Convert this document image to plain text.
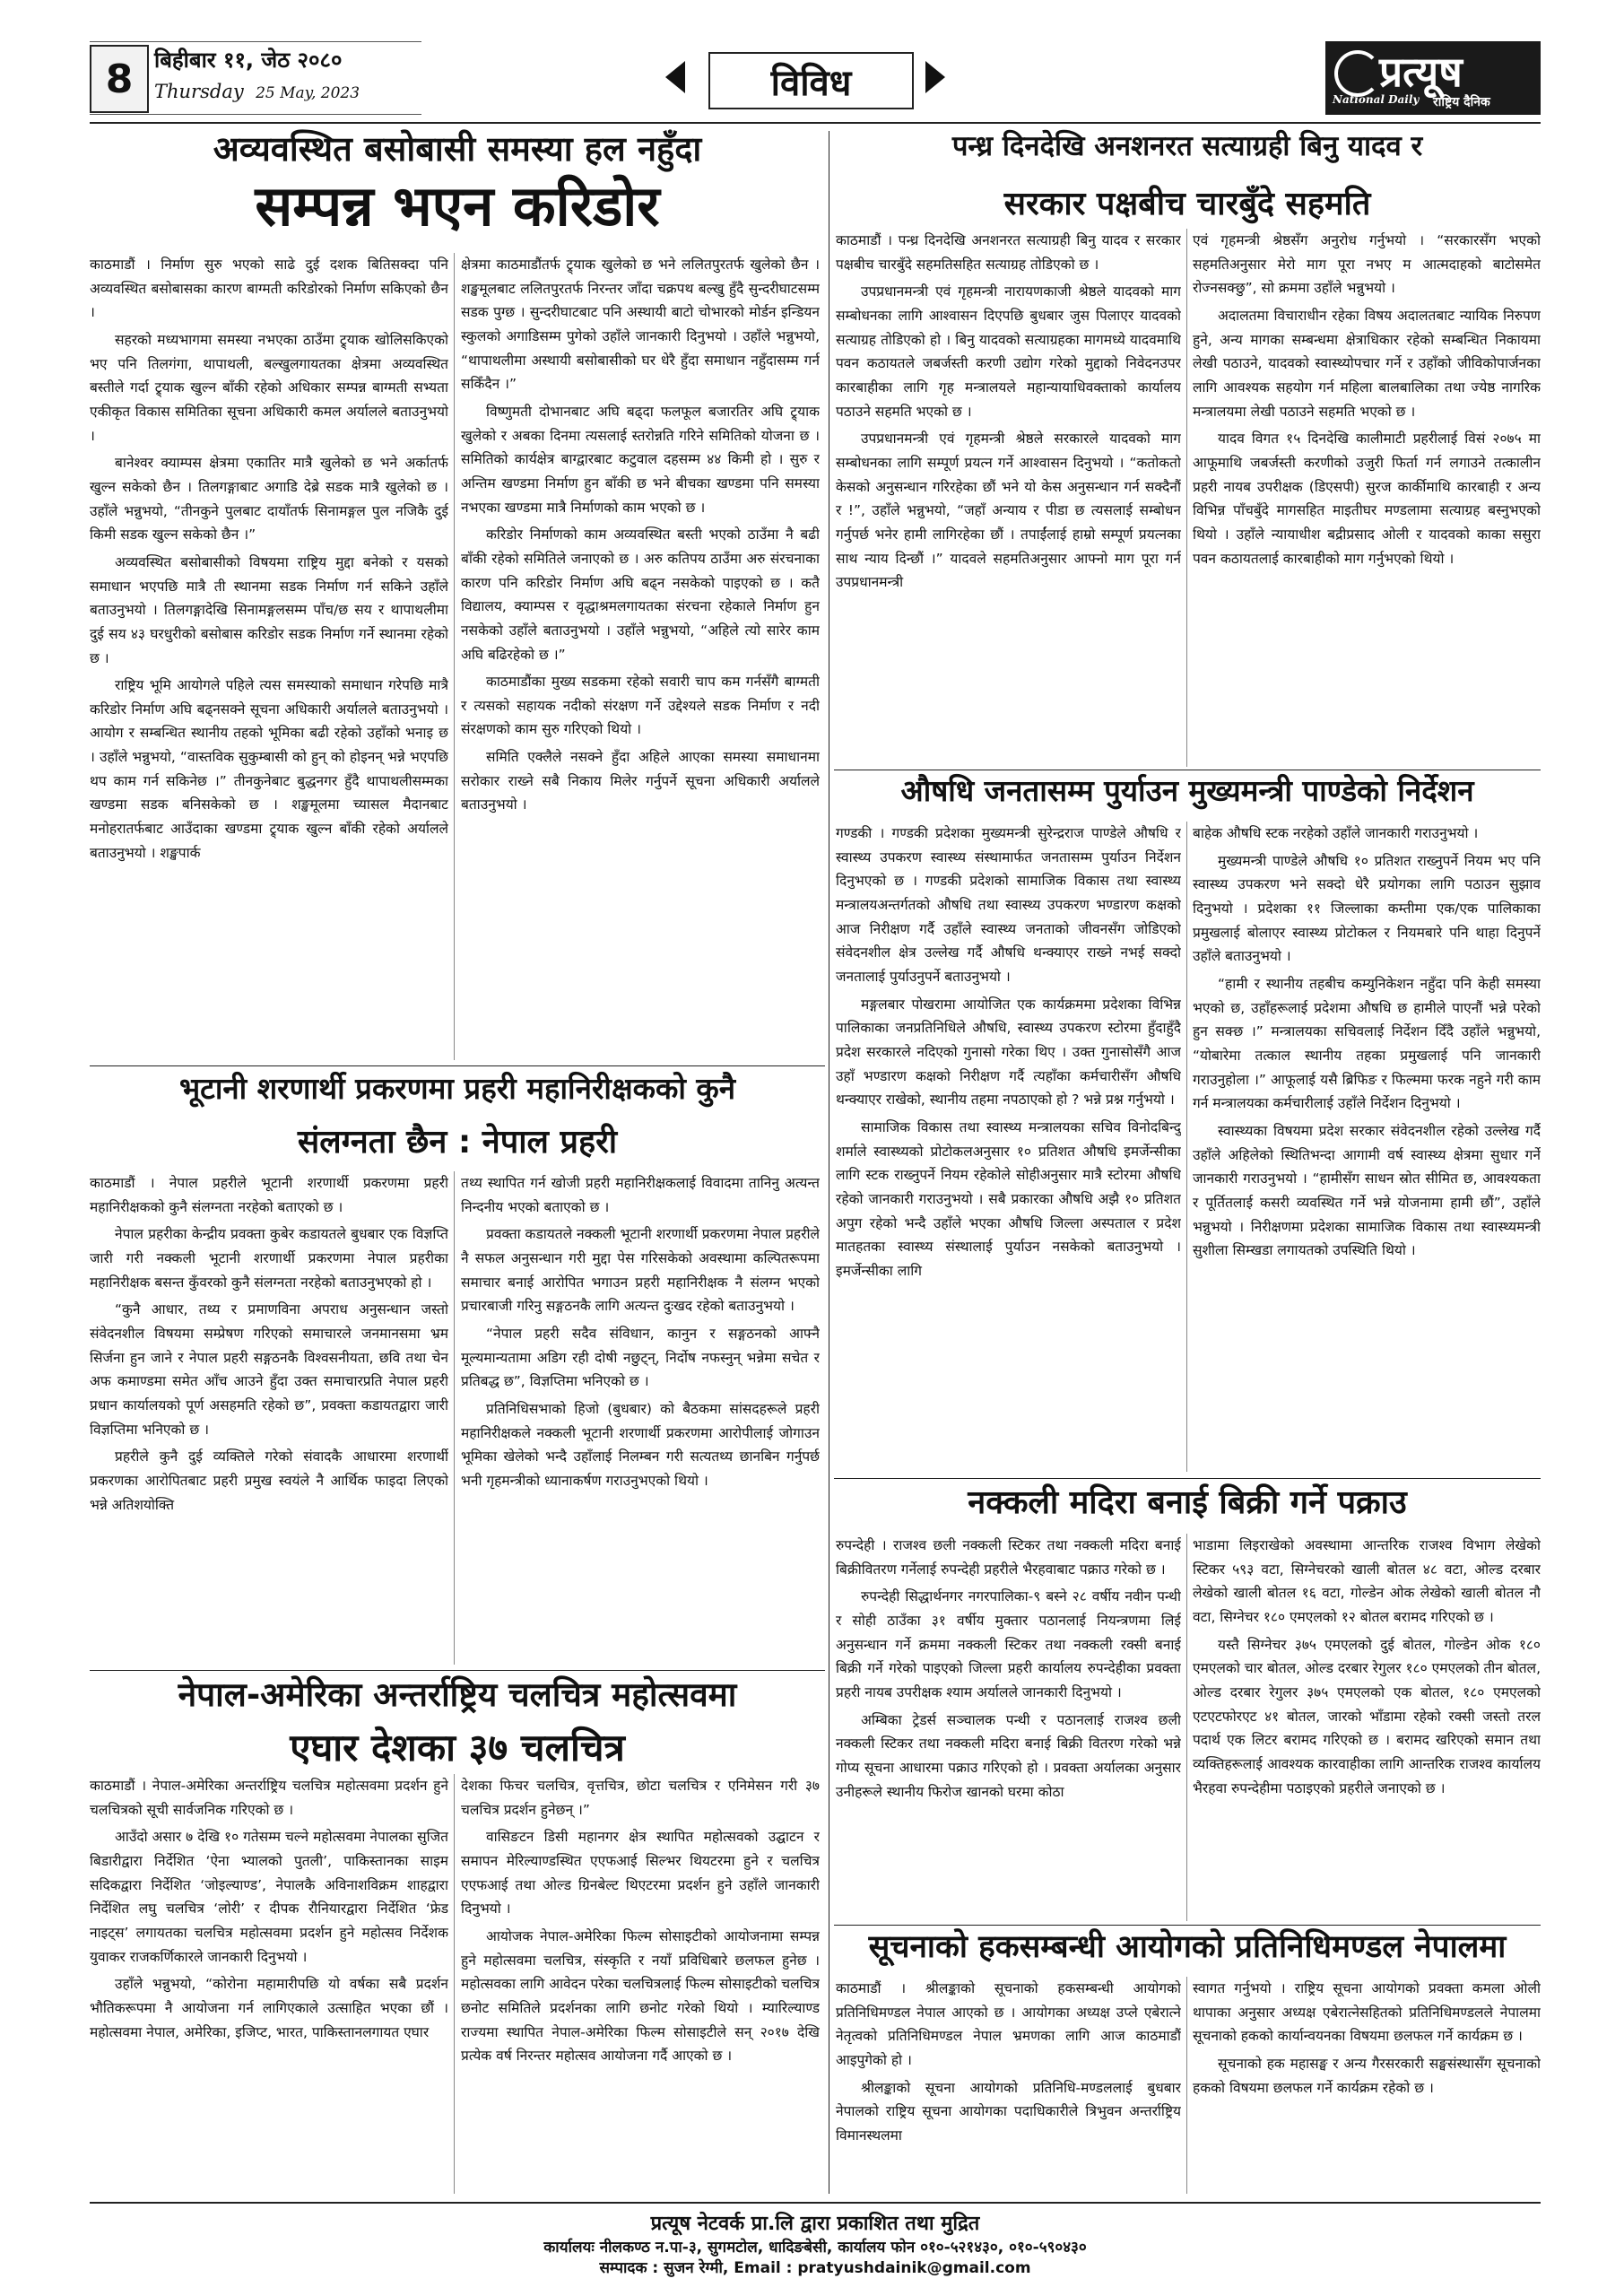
8 बिहीबार ११, जेठ २०८०
Thursday 25 May, 2023	विविध	प्रत्यूष
National Daily राष्ट्रिय दैनिक
अव्यवस्थित बसोबासी समस्या हल नहुँदा
सम्पन्न भएन करिडोर

काठमाडौं । निर्माण सुरु भएको साढे दुई दशक बितिसक्दा पनि अव्यवस्थित बसोबासका कारण बाग्मती करिडोरको निर्माण सकिएको छैन ।

सहरको मध्यभागमा समस्या नभएका ठाउँमा ट्र्याक खोलिसकिएको भए पनि तिलगंगा, थापाथली, बल्खुलगायतका क्षेत्रमा अव्यवस्थित बस्तीले गर्दा ट्र्याक खुल्न बाँकी रहेको अधिकार सम्पन्न बाग्मती सभ्यता एकीकृत विकास समितिका सूचना अधिकारी कमल अर्यालले बताउनुभयो ।

बानेश्वर क्याम्पस क्षेत्रमा एकातिर मात्रै खुलेको छ भने अर्कातर्फ खुल्न सकेको छैन । तिलगङ्गाबाट अगाडि देब्रे सडक मात्रै खुलेको छ । उहाँले भन्नुभयो, “तीनकुने पुलबाट दायाँतर्फ सिनामङ्गल पुल नजिकै दुई किमी सडक खुल्न सकेको छैन ।”

अव्यवस्थित बसोबासीको विषयमा राष्ट्रिय मुद्दा बनेको र यसको समाधान भएपछि मात्रै ती स्थानमा सडक निर्माण गर्न सकिने उहाँले बताउनुभयो । तिलगङ्गादेखि सिनामङ्गलसम्म पाँच/छ सय र थापाथलीमा दुई सय ४३ घरधुरीको बसोबास करिडोर सडक निर्माण गर्ने स्थानमा रहेको छ ।

राष्ट्रिय भूमि आयोगले पहिले त्यस समस्याको समाधान गरेपछि मात्रै करिडोर निर्माण अघि बढ्नसक्ने सूचना अधिकारी अर्यालले बताउनुभयो । आयोग र सम्बन्धित स्थानीय तहको भूमिका बढी रहेको उहाँको भनाइ छ । उहाँले भन्नुभयो, “वास्तविक सुकुम्बासी को हुन् को होइनन् भन्ने भएपछि थप काम गर्न सकिनेछ ।” तीनकुनेबाट बुद्धनगर हुँदै थापाथलीसम्मका खण्डमा सडक बनिसकेको छ । शङ्खमूलमा च्यासल मैदानबाट मनोहरातर्फबाट आउँदाका खण्डमा ट्र्याक खुल्न बाँकी रहेको अर्यालले बताउनुभयो । शङ्खपार्क

क्षेत्रमा काठमाडौंतर्फ ट्र्याक खुलेको छ भने ललितपुरतर्फ खुलेको छैन । शङ्खमूलबाट ललितपुरतर्फ निरन्तर जाँदा चक्रपथ बल्खु हुँदै सुन्दरीघाटसम्म सडक पुग्छ । सुन्दरीघाटबाट पनि अस्थायी बाटो चोभारको मोर्डन इन्डियन स्कुलको अगाडिसम्म पुगेको उहाँले जानकारी दिनुभयो । उहाँले भन्नुभयो, “थापाथलीमा अस्थायी बसोबासीको घर धेरै हुँदा समाधान नहुँदासम्म गर्न सकिँदैन ।”

विष्णुमती दोभानबाट अघि बढ्दा फलफूल बजारतिर अघि ट्र्याक खुलेको र अबका दिनमा त्यसलाई स्तरोन्नति गरिने समितिको योजना छ । समितिको कार्यक्षेत्र बाग्द्वारबाट कटुवाल दहसम्म ४४ किमी हो । सुरु र अन्तिम खण्डमा निर्माण हुन बाँकी छ भने बीचका खण्डमा पनि समस्या नभएका खण्डमा मात्रै निर्माणको काम भएको छ ।

करिडोर निर्माणको काम अव्यवस्थित बस्ती भएको ठाउँमा नै बढी बाँकी रहेको समितिले जनाएको छ । अरु कतिपय ठाउँमा अरु संरचनाका कारण पनि करिडोर निर्माण अघि बढ्न नसकेको पाइएको छ । कतै विद्यालय, क्याम्पस र वृद्धाश्रमलगायतका संरचना रहेकाले निर्माण हुन नसकेको उहाँले बताउनुभयो । उहाँले भन्नुभयो, “अहिले त्यो सारेर काम अघि बढिरहेको छ ।”

काठमाडौंका मुख्य सडकमा रहेको सवारी चाप कम गर्नसँगै बाग्मती र त्यसको सहायक नदीको संरक्षण गर्ने उद्देश्यले सडक निर्माण र नदी संरक्षणको काम सुरु गरिएको थियो ।

समिति एक्लैले नसक्ने हुँदा अहिले आएका समस्या समाधानमा सरोकार राख्ने सबै निकाय मिलेर गर्नुपर्ने सूचना अधिकारी अर्यालले बताउनुभयो ।

पन्ध्र दिनदेखि अनशनरत सत्याग्रही बिनु यादव र
सरकार पक्षबीच चारबुँदे सहमति

काठमाडौं । पन्ध्र दिनदेखि अनशनरत सत्याग्रही बिनु यादव र सरकार पक्षबीच चारबुँदे सहमतिसहित सत्याग्रह तोडिएको छ ।

उपप्रधानमन्त्री एवं गृहमन्त्री नारायणकाजी श्रेष्ठले यादवको माग सम्बोधनका लागि आश्वासन दिएपछि बुधबार जुस पिलाएर यादवको सत्याग्रह तोडिएको हो । बिनु यादवको सत्याग्रहका मागमध्ये यादवमाथि पवन कठायतले जबर्जस्ती करणी उद्योग गरेको मुद्दाको निवेदनउपर कारबाहीका लागि गृह मन्त्रालयले महान्यायाधिवक्ताको कार्यालय पठाउने सहमति भएको छ ।

उपप्रधानमन्त्री एवं गृहमन्त्री श्रेष्ठले सरकारले यादवको माग सम्बोधनका लागि सम्पूर्ण प्रयत्न गर्ने आश्वासन दिनुभयो । “कतोकतो केसको अनुसन्धान गरिरहेका छौं भने यो केस अनुसन्धान गर्न सक्दैनौं र !”, उहाँले भन्नुभयो, “जहाँ अन्याय र पीडा छ त्यसलाई सम्बोधन गर्नुपर्छ भनेर हामी लागिरहेका छौं । तपाईंलाई हाम्रो सम्पूर्ण प्रयत्नका साथ न्याय दिन्छौं ।” यादवले सहमतिअनुसार आफ्नो माग पूरा गर्न उपप्रधानमन्त्री

एवं गृहमन्त्री श्रेष्ठसँग अनुरोध गर्नुभयो । “सरकारसँग भएको सहमतिअनुसार मेरो माग पूरा नभए म आत्मदाहको बाटोसमेत रोज्नसक्छु”, सो क्रममा उहाँले भन्नुभयो ।

अदालतमा विचाराधीन रहेका विषय अदालतबाट न्यायिक निरुपण हुने, अन्य मागका सम्बन्धमा क्षेत्राधिकार रहेको सम्बन्धित निकायमा लेखी पठाउने, यादवको स्वास्थ्योपचार गर्ने र उहाँको जीविकोपार्जनका लागि आवश्यक सहयोग गर्न महिला बालबालिका तथा ज्येष्ठ नागरिक मन्त्रालयमा लेखी पठाउने सहमति भएको छ ।

यादव विगत १५ दिनदेखि कालीमाटी प्रहरीलाई विसं २०७५ मा आफूमाथि जबर्जस्ती करणीको उजुरी फिर्ता गर्न लगाउने तत्कालीन प्रहरी नायब उपरीक्षक (डिएसपी) सुरज कार्कीमाथि कारबाही र अन्य विभिन्न पाँचबुँदे मागसहित माइतीघर मण्डलामा सत्याग्रह बस्नुभएको थियो । उहाँले न्यायाधीश बद्रीप्रसाद ओली र यादवको काका ससुरा पवन कठायतलाई कारबाहीको माग गर्नुभएको थियो ।

औषधि जनतासम्म पुर्याउन मुख्यमन्त्री पाण्डेको निर्देशन

गण्डकी । गण्डकी प्रदेशका मुख्यमन्त्री सुरेन्द्रराज पाण्डेले औषधि र स्वास्थ्य उपकरण स्वास्थ्य संस्थामार्फत जनतासम्म पुर्याउन निर्देशन दिनुभएको छ । गण्डकी प्रदेशको सामाजिक विकास तथा स्वास्थ्य मन्त्रालयअन्तर्गतको औषधि तथा स्वास्थ्य उपकरण भण्डारण कक्षको आज निरीक्षण गर्दै उहाँले स्वास्थ्य जनताको जीवनसँग जोडिएको संवेदनशील क्षेत्र उल्लेख गर्दै औषधि थन्क्याएर राख्ने नभई सक्दो जनतालाई पुर्याउनुपर्ने बताउनुभयो ।

मङ्गलबार पोखरामा आयोजित एक कार्यक्रममा प्रदेशका विभिन्न पालिकाका जनप्रतिनिधिले औषधि, स्वास्थ्य उपकरण स्टोरमा हुँदाहुँदै प्रदेश सरकारले नदिएको गुनासो गरेका थिए । उक्त गुनासोसँगै आज उहाँ भण्डारण कक्षको निरीक्षण गर्दै त्यहाँका कर्मचारीसँग औषधि थन्क्याएर राखेको, स्थानीय तहमा नपठाएको हो ? भन्ने प्रश्न गर्नुभयो ।

सामाजिक विकास तथा स्वास्थ्य मन्त्रालयका सचिव विनोदबिन्दु शर्माले स्वास्थ्यको प्रोटोकलअनुसार १० प्रतिशत औषधि इमर्जेन्सीका लागि स्टक राख्नुपर्ने नियम रहेकोले सोहीअनुसार मात्रै स्टोरमा औषधि रहेको जानकारी गराउनुभयो । सबै प्रकारका औषधि अझै १० प्रतिशत अपुग रहेको भन्दै उहाँले भएका औषधि जिल्ला अस्पताल र प्रदेश मातहतका स्वास्थ्य संस्थालाई पुर्याउन नसकेको बताउनुभयो । इमर्जेन्सीका लागि

बाहेक औषधि स्टक नरहेको उहाँले जानकारी गराउनुभयो ।

मुख्यमन्त्री पाण्डेले औषधि १० प्रतिशत राख्नुपर्ने नियम भए पनि स्वास्थ्य उपकरण भने सक्दो धेरै प्रयोगका लागि पठाउन सुझाव दिनुभयो । प्रदेशका ११ जिल्लाका कम्तीमा एक/एक पालिकाका प्रमुखलाई बोलाएर स्वास्थ्य प्रोटोकल र नियमबारे पनि थाहा दिनुपर्ने उहाँले बताउनुभयो ।

“हामी र स्थानीय तहबीच कम्युनिकेशन नहुँदा पनि केही समस्या भएको छ, उहाँहरूलाई प्रदेशमा औषधि छ हामीले पाएनौं भन्ने परेको हुन सक्छ ।” मन्त्रालयका सचिवलाई निर्देशन दिँदै उहाँले भन्नुभयो, “योबारेमा तत्काल स्थानीय तहका प्रमुखलाई पनि जानकारी गराउनुहोला ।” आफूलाई यसै ब्रिफिङ र फिल्ममा फरक नहुने गरी काम गर्न मन्त्रालयका कर्मचारीलाई उहाँले निर्देशन दिनुभयो ।

स्वास्थ्यका विषयमा प्रदेश सरकार संवेदनशील रहेको उल्लेख गर्दै उहाँले अहिलेको स्थितिभन्दा आगामी वर्ष स्वास्थ्य क्षेत्रमा सुधार गर्ने जानकारी गराउनुभयो । “हामीसँग साधन स्रोत सीमित छ, आवश्यकता र पूर्तितलाई कसरी व्यवस्थित गर्ने भन्ने योजनामा हामी छौं”, उहाँले भन्नुभयो । निरीक्षणमा प्रदेशका सामाजिक विकास तथा स्वास्थ्यमन्त्री सुशीला सिम्खडा लगायतको उपस्थिति थियो ।

भूटानी शरणार्थी प्रकरणमा प्रहरी महानिरीक्षकको कुनै
संलग्नता छैन : नेपाल प्रहरी

काठमाडौं । नेपाल प्रहरीले भूटानी शरणार्थी प्रकरणमा प्रहरी महानिरीक्षकको कुनै संलग्नता नरहेको बताएको छ ।

नेपाल प्रहरीका केन्द्रीय प्रवक्ता कुबेर कडायतले बुधबार एक विज्ञप्ति जारी गरी नक्कली भूटानी शरणार्थी प्रकरणमा नेपाल प्रहरीका महानिरीक्षक बसन्त कुँवरको कुनै संलग्नता नरहेको बताउनुभएको हो ।

“कुनै आधार, तथ्य र प्रमाणविना अपराध अनुसन्धान जस्तो संवेदनशील विषयमा सम्प्रेषण गरिएको समाचारले जनमानसमा भ्रम सिर्जना हुन जाने र नेपाल प्रहरी सङ्गठनकै विश्वसनीयता, छवि तथा चेन अफ कमाण्डमा समेत आँच आउने हुँदा उक्त समाचारप्रति नेपाल प्रहरी प्रधान कार्यालयको पूर्ण असहमति रहेको छ”, प्रवक्ता कडायतद्वारा जारी विज्ञप्तिमा भनिएको छ ।

प्रहरीले कुनै दुई व्यक्तिले गरेको संवादकै आधारमा शरणार्थी प्रकरणका आरोपितबाट प्रहरी प्रमुख स्वयंले नै आर्थिक फाइदा लिएको भन्ने अतिशयोक्ति

तथ्य स्थापित गर्न खोजी प्रहरी महानिरीक्षकलाई विवादमा तानिनु अत्यन्त निन्दनीय भएको बताएको छ ।

प्रवक्ता कडायतले नक्कली भूटानी शरणार्थी प्रकरणमा नेपाल प्रहरीले नै सफल अनुसन्धान गरी मुद्दा पेस गरिसकेको अवस्थामा कल्पितरूपमा समाचार बनाई आरोपित भगाउन प्रहरी महानिरीक्षक नै संलग्न भएको प्रचारबाजी गरिनु सङ्गठनकै लागि अत्यन्त दुःखद रहेको बताउनुभयो ।

“नेपाल प्रहरी सदैव संविधान, कानुन र सङ्गठनको आफ्नै मूल्यमान्यतामा अडिग रही दोषी नछुट्न्, निर्दोष नफस्नुन् भन्नेमा सचेत र प्रतिबद्ध छ”, विज्ञप्तिमा भनिएको छ ।

प्रतिनिधिसभाको हिजो (बुधबार) को बैठकमा सांसदहरूले प्रहरी महानिरीक्षकले नक्कली भूटानी शरणार्थी प्रकरणमा आरोपीलाई जोगाउन भूमिका खेलेको भन्दै उहाँलाई निलम्बन गरी सत्यतथ्य छानबिन गर्नुपर्छ भनी गृहमन्त्रीको ध्यानाकर्षण गराउनुभएको थियो ।

नक्कली मदिरा बनाई बिक्री गर्ने पक्राउ

रुपन्देही । राजश्व छली नक्कली स्टिकर तथा नक्कली मदिरा बनाई बिक्रीवितरण गर्नेलाई रुपन्देही प्रहरीले भैरहवाबाट पक्राउ गरेको छ ।

रुपन्देही सिद्धार्थनगर नगरपालिका-९ बस्ने २८ वर्षीय नवीन पन्थी र सोही ठाउँका ३१ वर्षीय मुक्तार पठानलाई नियन्त्रणमा लिई अनुसन्धान गर्ने क्रममा नक्कली स्टिकर तथा नक्कली रक्सी बनाई बिक्री गर्ने गरेको पाइएको जिल्ला प्रहरी कार्यालय रुपन्देहीका प्रवक्ता प्रहरी नायब उपरीक्षक श्याम अर्यालले जानकारी दिनुभयो ।

अम्बिका ट्रेडर्स सञ्चालक पन्थी र पठानलाई राजश्व छली नक्कली स्टिकर तथा नक्कली मदिरा बनाई बिक्री वितरण गरेको भन्ने गोप्य सूचना आधारमा पक्राउ गरिएको हो । प्रवक्ता अर्यालका अनुसार उनीहरूले स्थानीय फिरोज खानको घरमा कोठा

भाडामा लिइराखेको अवस्थामा आन्तरिक राजश्व विभाग लेखेको स्टिकर ५९३ वटा, सिग्नेचरको खाली बोतल ४८ वटा, ओल्ड दरबार लेखेको खाली बोतल १६ वटा, गोल्डेन ओक लेखेको खाली बोतल नौ वटा, सिग्नेचर १८० एमएलको १२ बोतल बरामद गरिएको छ ।

यस्तै सिग्नेचर ३७५ एमएलको दुई बोतल, गोल्डेन ओक १८० एमएलको चार बोतल, ओल्ड दरबार रेगुलर १८० एमएलको तीन बोतल, ओल्ड दरबार रेगुलर ३७५ एमएलको एक बोतल, १८० एमएलको एटएटफोरएट ४१ बोतल, जारको भाँडामा रहेको रक्सी जस्तो तरल पदार्थ एक लिटर बरामद गरिएको छ । बरामद खरिएको समान तथा व्यक्तिहरूलाई आवश्यक कारवाहीका लागि आन्तरिक राजश्व कार्यालय भैरहवा रुपन्देहीमा पठाइएको प्रहरीले जनाएको छ ।

नेपाल-अमेरिका अन्तर्राष्ट्रिय चलचित्र महोत्सवमा
एघार देशका ३७ चलचित्र

काठमाडौं । नेपाल-अमेरिका अन्तर्राष्ट्रिय चलचित्र महोत्सवमा प्रदर्शन हुने चलचित्रको सूची सार्वजनिक गरिएको छ ।

आउँदो असार ७ देखि १० गतेसम्म चल्ने महोत्सवमा नेपालका सुजित बिडारीद्वारा निर्देशित ‘ऐना भ्यालको पुतली’, पाकिस्तानका साइम सदिकद्वारा निर्देशित ‘जोइल्याण्ड’, नेपालकै अविनाशविक्रम शाहद्वारा निर्देशित लघु चलचित्र ‘लोरी’ र दीपक रौनियारद्वारा निर्देशित ‘फ्रेड नाइट्स’ लगायतका चलचित्र महोत्सवमा प्रदर्शन हुने महोत्सव निर्देशक युवाकर राजकर्णिकारले जानकारी दिनुभयो ।

उहाँले भन्नुभयो, “कोरोना महामारीपछि यो वर्षका सबै प्रदर्शन भौतिकरूपमा नै आयोजना गर्न लागिएकाले उत्साहित भएका छौं । महोत्सवमा नेपाल, अमेरिका, इजिप्ट, भारत, पाकिस्तानलगायत एघार

देशका फिचर चलचित्र, वृत्तचित्र, छोटा चलचित्र र एनिमेसन गरी ३७ चलचित्र प्रदर्शन हुनेछन् ।”

वासिङटन डिसी महानगर क्षेत्र स्थापित महोत्सवको उद्घाटन र समापन मेरिल्याण्डस्थित एएफआई सिल्भर थियटरमा हुने र चलचित्र एएफआई तथा ओल्ड ग्रिनबेल्ट थिएटरमा प्रदर्शन हुने उहाँले जानकारी दिनुभयो ।

आयोजक नेपाल-अमेरिका फिल्म सोसाइटीको आयोजनामा सम्पन्न हुने महोत्सवमा चलचित्र, संस्कृति र नयाँ प्रविधिबारे छलफल हुनेछ । महोत्सवका लागि आवेदन परेका चलचित्रलाई फिल्म सोसाइटीको चलचित्र छनोट समितिले प्रदर्शनका लागि छनोट गरेको थियो । म्यारिल्याण्ड राज्यमा स्थापित नेपाल-अमेरिका फिल्म सोसाइटीले सन् २०१७ देखि प्रत्येक वर्ष निरन्तर महोत्सव आयोजना गर्दै आएको छ ।

सूचनाको हकसम्बन्धी आयोगको प्रतिनिधिमण्डल नेपालमा

काठमाडौं । श्रीलङ्काको सूचनाको हकसम्बन्धी आयोगको प्रतिनिधिमण्डल नेपाल आएको छ । आयोगका अध्यक्ष उप्ले एबेरात्ने नेतृत्वको प्रतिनिधिमण्डल नेपाल भ्रमणका लागि आज काठमाडौं आइपुगेको हो ।

श्रीलङ्काको सूचना आयोगको प्रतिनिधि-मण्डललाई बुधबार नेपालको राष्ट्रिय सूचना आयोगका पदाधिकारीले त्रिभुवन अन्तर्राष्ट्रिय विमानस्थलमा

स्वागत गर्नुभयो । राष्ट्रिय सूचना आयोगको प्रवक्ता कमला ओली थापाका अनुसार अध्यक्ष एबेरात्नेसहितको प्रतिनिधिमण्डलले नेपालमा सूचनाको हकको कार्यान्वयनका विषयमा छलफल गर्ने कार्यक्रम छ ।

सूचनाको हक महासङ्घ र अन्य गैरसरकारी सङ्घसंस्थासँग सूचनाको हकको विषयमा छलफल गर्ने कार्यक्रम रहेको छ ।

प्रत्यूष नेटवर्क प्रा.लि द्वारा प्रकाशित तथा मुद्रित
कार्यालयः नीलकण्ठ न.पा-३, सुगमटोल, धादिङबेसी, कार्यालय फोन ०१०-५२१४३०, ०१०-५९०४३०
सम्पादक : सुजन रेग्मी, Email : pratyushdainik@gmail.com
